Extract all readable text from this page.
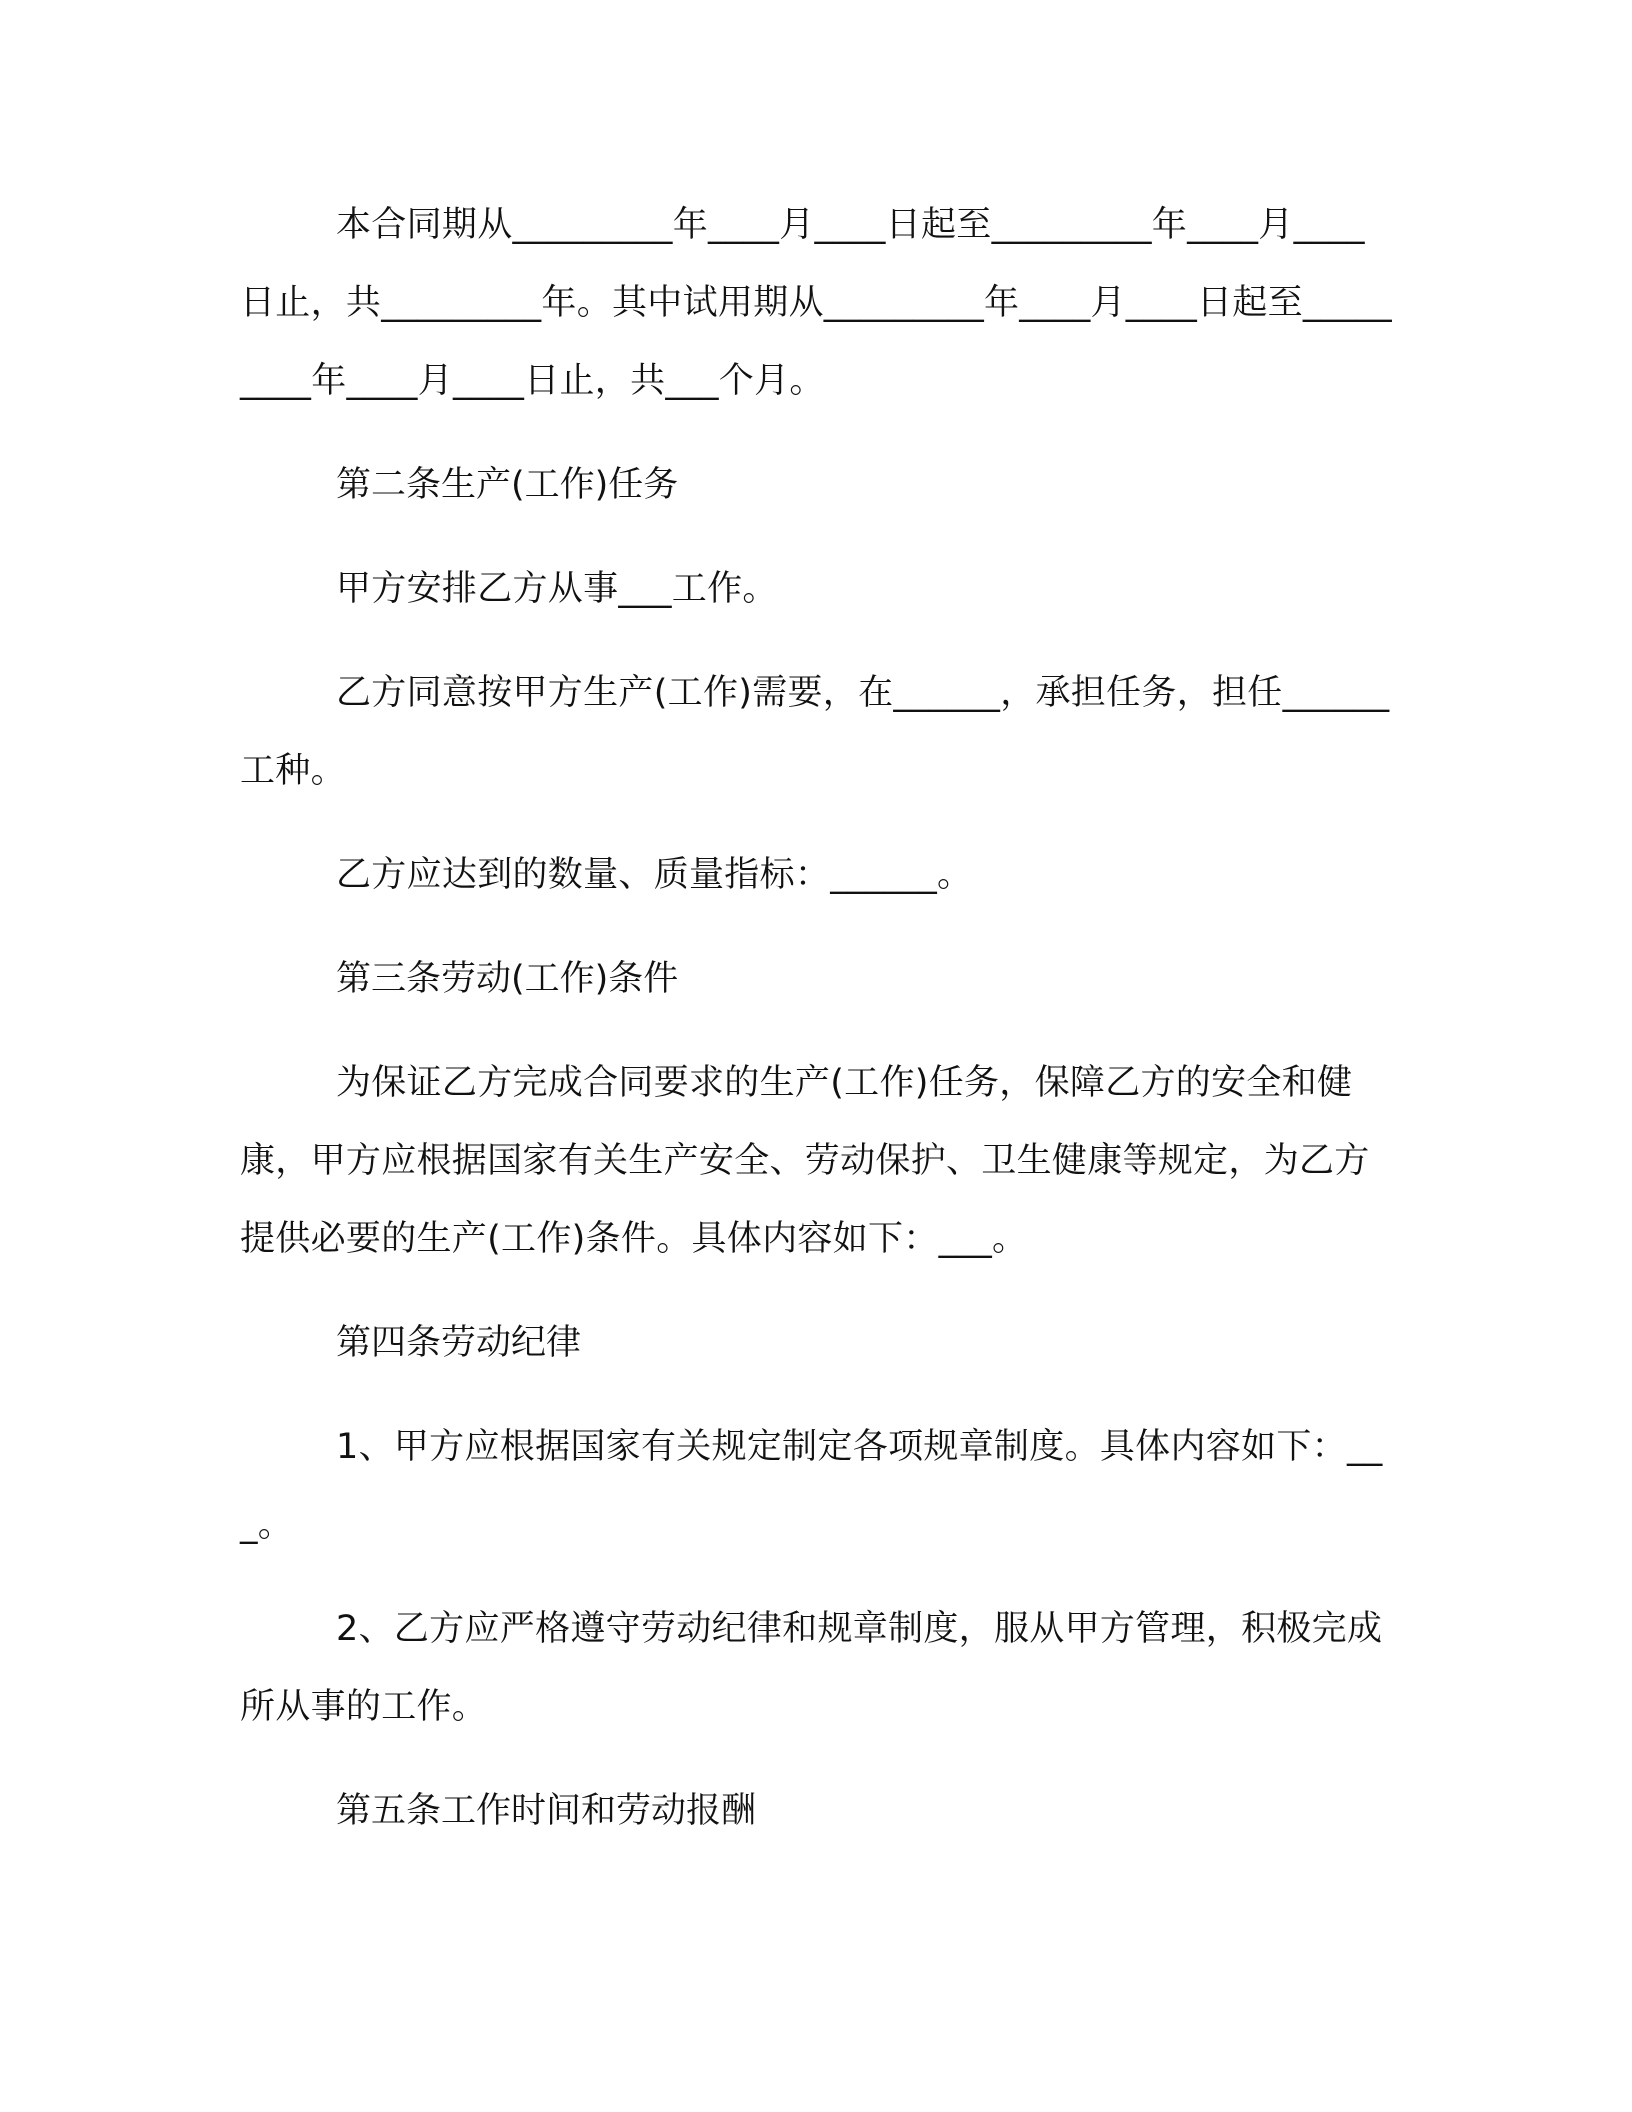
本合同期从_________年____月____日起至_________年____月____日止，共_________年。其中试用期从_________年____月____日起至_________年____月____日止，共___个月。

第二条生产(工作)任务

甲方安排乙方从事___工作。

乙方同意按甲方生产(工作)需要，在______，承担任务，担任______工种。

乙方应达到的数量、质量指标：______。

第三条劳动(工作)条件

为保证乙方完成合同要求的生产(工作)任务，保障乙方的安全和健康，甲方应根据国家有关生产安全、劳动保护、卫生健康等规定，为乙方提供必要的生产(工作)条件。具体内容如下：___。

第四条劳动纪律

1、甲方应根据国家有关规定制定各项规章制度。具体内容如下：___。

2、乙方应严格遵守劳动纪律和规章制度，服从甲方管理，积极完成所从事的工作。

第五条工作时间和劳动报酬
